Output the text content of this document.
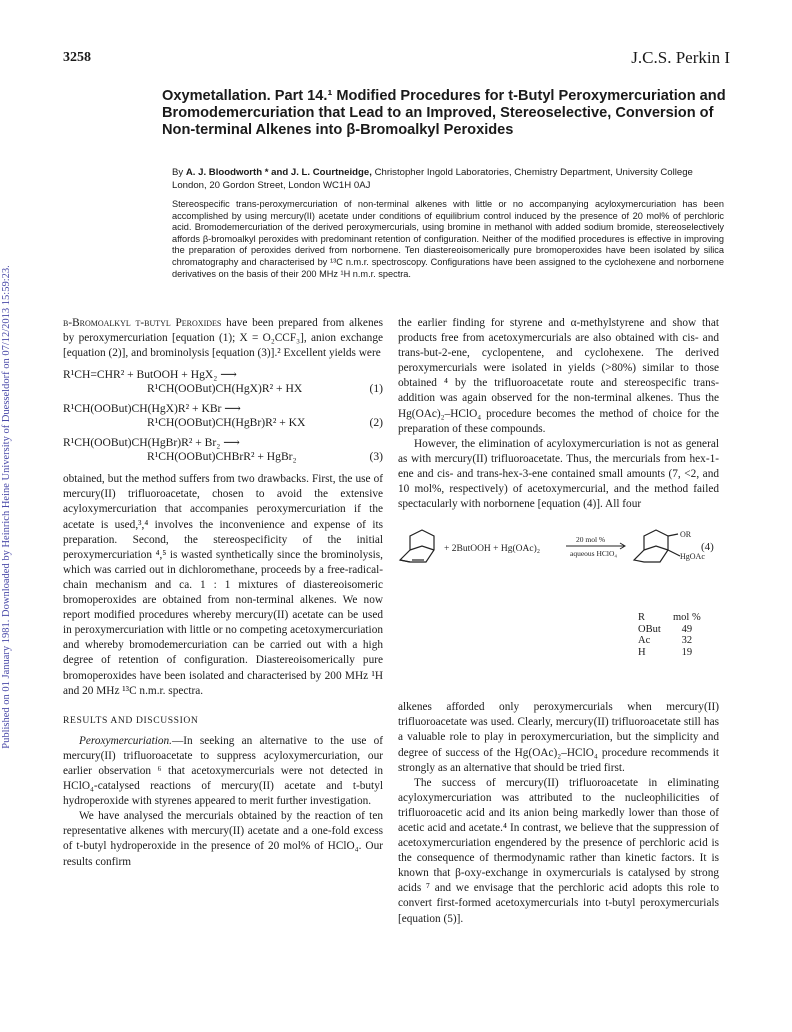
Published on 01 January 1981. Downloaded by Heinrich Heine University of Duesseldorf on 07/12/2013 15:59:23.
3258	J.C.S. Perkin I
Oxymetallation. Part 14.¹ Modified Procedures for t-Butyl Peroxymercuriation and Bromodemercuriation that Lead to an Improved, Stereoselective, Conversion of Non-terminal Alkenes into β-Bromoalkyl Peroxides
By A. J. Bloodworth * and J. L. Courtneidge, Christopher Ingold Laboratories, Chemistry Department, University College London, 20 Gordon Street, London WC1H 0AJ
Stereospecific trans-peroxymercuriation of non-terminal alkenes with little or no accompanying acyloxymercuriation has been accomplished by using mercury(II) acetate under conditions of equilibrium control induced by the presence of 20 mol% of perchloric acid. Bromodemercuriation of the derived peroxymercurials, using bromine in methanol with added sodium bromide, stereoselectively affords β-bromoalkyl peroxides with predominant retention of configuration. Neither of the modified procedures is effective in improving the preparation of peroxides derived from norbornene. Ten diastereoisomerically pure bromoperoxides have been isolated by silica chromatography and characterised by ¹³C n.m.r. spectroscopy. Configurations have been assigned to the cyclohexene and norbornene derivatives on the basis of their 200 MHz ¹H n.m.r. spectra.

β-Bromoalkyl t-butyl Peroxides have been prepared from alkenes by peroxymercuriation [equation (1); X = O₂CCF₃], anion exchange [equation (2)], and brominolysis [equation (3)].² Excellent yields were

R¹CH=CHR² + ButOOH + HgX₂ ⟶
R¹CH(OOBut)CH(HgX)R² + HX	(1)
R¹CH(OOBut)CH(HgX)R² + KBr ⟶
R¹CH(OOBut)CH(HgBr)R² + KX	(2)
R¹CH(OOBut)CH(HgBr)R² + Br₂ ⟶
R¹CH(OOBut)CHBrR² + HgBr₂	(3)

obtained, but the method suffers from two drawbacks. First, the use of mercury(II) trifluoroacetate, chosen to avoid the extensive acyloxymercuriation that accompanies peroxymercuriation if the acetate is used,³,⁴ involves the inconvenience and expense of its preparation. Second, the stereospecificity of the initial peroxymercuriation ⁴,⁵ is wasted synthetically since the brominolysis, which was carried out in dichloromethane, proceeds by a free-radical-chain mechanism and ca. 1 : 1 mixtures of diastereoisomeric bromoperoxides are obtained from non-terminal alkenes. We now report modified procedures whereby mercury(II) acetate can be used in peroxymercuriation with little or no competing acetoxymercuriation and whereby bromodemercuriation can be carried out with a high degree of retention of configuration. Diastereoisomerically pure bromoperoxides have been isolated and characterised by 200 MHz ¹H and 20 MHz ¹³C n.m.r. spectra.

RESULTS AND DISCUSSION

Peroxymercuriation.—In seeking an alternative to the use of mercury(II) trifluoroacetate to suppress acyloxymercuriation, our earlier observation ⁶ that acetoxymercurials were not detected in HClO₄-catalysed reactions of mercury(II) acetate and t-butyl hydroperoxide with styrenes appeared to merit further investigation.

We have analysed the mercurials obtained by the reaction of ten representative alkenes with mercury(II) acetate and a one-fold excess of t-butyl hydroperoxide in the presence of 20 mol% of HClO₄. Our results confirm

the earlier finding for styrene and α-methylstyrene and show that products free from acetoxymercurials are also obtained with cis- and trans-but-2-ene, cyclopentene, and cyclohexene. The derived peroxymercurials were isolated in yields (>80%) similar to those obtained ⁴ by the trifluoroacetate route and stereospecific trans-addition was again observed for the non-terminal alkenes. Thus the Hg(OAc)₂–HClO₄ procedure becomes the method of choice for the preparation of these compounds.

However, the elimination of acyloxymercuriation is not as general as with mercury(II) trifluoroacetate. Thus, the mercurials from hex-1-ene and cis- and trans-hex-3-ene contained small amounts (7, <2, and 10 mol%, respectively) of acetoxymercurial, and the method failed spectacularly with norbornene [equation (4)]. All four

+ 2ButOOH + Hg(OAc)₂
20 mol %
aqueous HClO₄
OR
HgOAc
(4)
R	mol %
OBut	49
Ac	32
H	19

alkenes afforded only peroxymercurials when mercury(II) trifluoroacetate was used. Clearly, mercury(II) trifluoroacetate still has a valuable role to play in peroxymercuriation, but the simplicity and degree of success of the Hg(OAc)₂–HClO₄ procedure recommends it strongly as an alternative that should be tried first.

The success of mercury(II) trifluoroacetate in eliminating acyloxymercuriation was attributed to the nucleophilicities of trifluoroacetic acid and its anion being markedly lower than those of acetic acid and acetate.⁴ In contrast, we believe that the suppression of acetoxymercuriation engendered by the presence of perchloric acid is the consequence of thermodynamic rather than kinetic factors. It is known that β-oxy-exchange in oxymercurials is catalysed by strong acids ⁷ and we envisage that the perchloric acid adopts this role to convert first-formed acetoxymercurials into t-butyl peroxymercurials [equation (5)].
